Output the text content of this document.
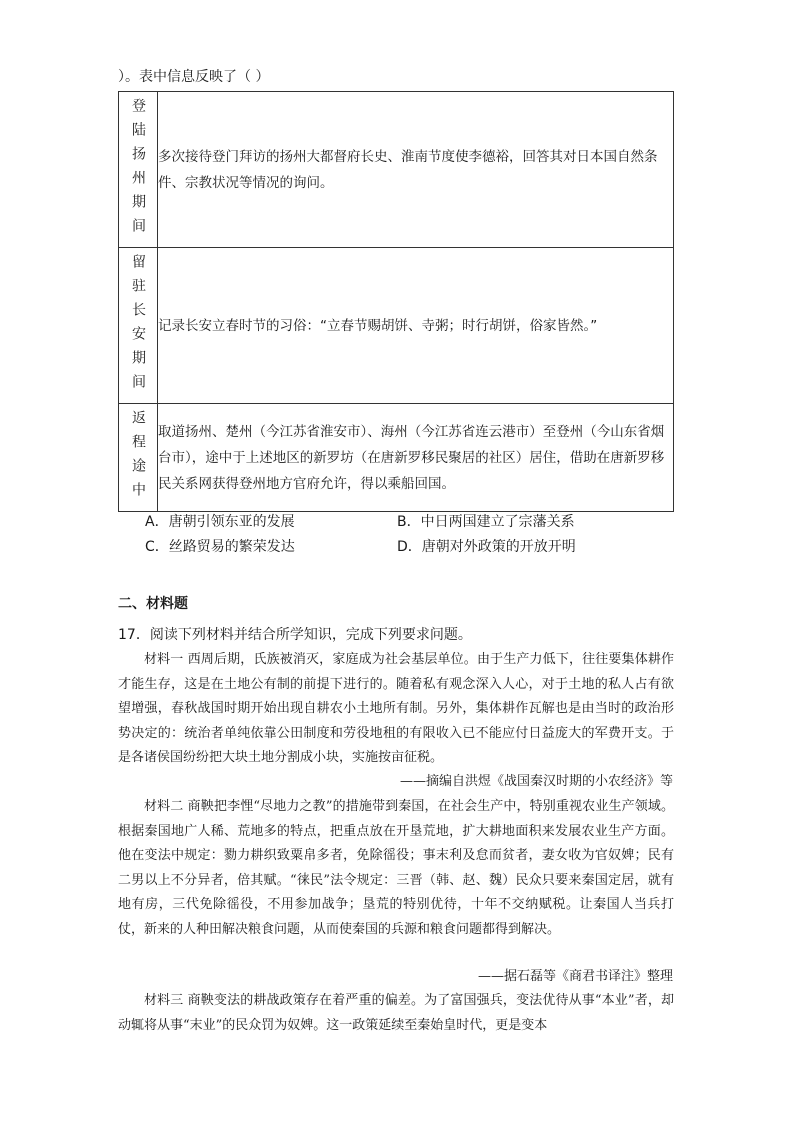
）。表中信息反映了（ ）
登陆扬州期间	多次接待登门拜访的扬州大都督府长史、淮南节度使李德裕，回答其对日本国自然条件、宗教状况等情况的询问。

留驻长安期间	记录长安立春时节的习俗：“立春节赐胡饼、寺粥；时行胡饼，俗家皆然。”

返程途中	取道扬州、楚州（今江苏省淮安市）、海州（今江苏省连云港市）至登州（今山东省烟台市），途中于上述地区的新罗坊（在唐新罗移民聚居的社区）居住，借助在唐新罗移民关系网获得登州地方官府允许，得以乘船回国。
A．唐朝引领东亚的发展	B．中日两国建立了宗藩关系
C．丝路贸易的繁荣发达	D．唐朝对外政策的开放开明
二、材料题
17．阅读下列材料并结合所学知识，完成下列要求问题。
材料一 西周后期，氏族被消灭，家庭成为社会基层单位。由于生产力低下，往往要集体耕作才能生存，这是在土地公有制的前提下进行的。随着私有观念深入人心，对于土地的私人占有欲望增强，春秋战国时期开始出现自耕农小土地所有制。另外，集体耕作瓦解也是由当时的政治形势决定的：统治者单纯依靠公田制度和劳役地租的有限收入已不能应付日益庞大的军费开支。于是各诸侯国纷纷把大块土地分割成小块，实施按亩征税。
——摘编自洪煜《战国秦汉时期的小农经济》等
材料二 商鞅把李悝“尽地力之教”的措施带到秦国，在社会生产中，特别重视农业生产领域。根据秦国地广人稀、荒地多的特点，把重点放在开垦荒地，扩大耕地面积来发展农业生产方面。他在变法中规定：勠力耕织致粟帛多者，免除徭役；事末利及怠而贫者，妻女收为官奴婢；民有二男以上不分异者，倍其赋。“徕民”法令规定：三晋（韩、赵、魏）民众只要来秦国定居，就有地有房，三代免除徭役，不用参加战争；垦荒的特别优待，十年不交纳赋税。让秦国人当兵打仗，新来的人种田解决粮食问题，从而使秦国的兵源和粮食问题都得到解决。
——据石磊等《商君书译注》整理
材料三 商鞅变法的耕战政策存在着严重的偏差。为了富国强兵，变法优待从事“本业”者，却动辄将从事“末业”的民众罚为奴婢。这一政策延续至秦始皇时代，更是变本
